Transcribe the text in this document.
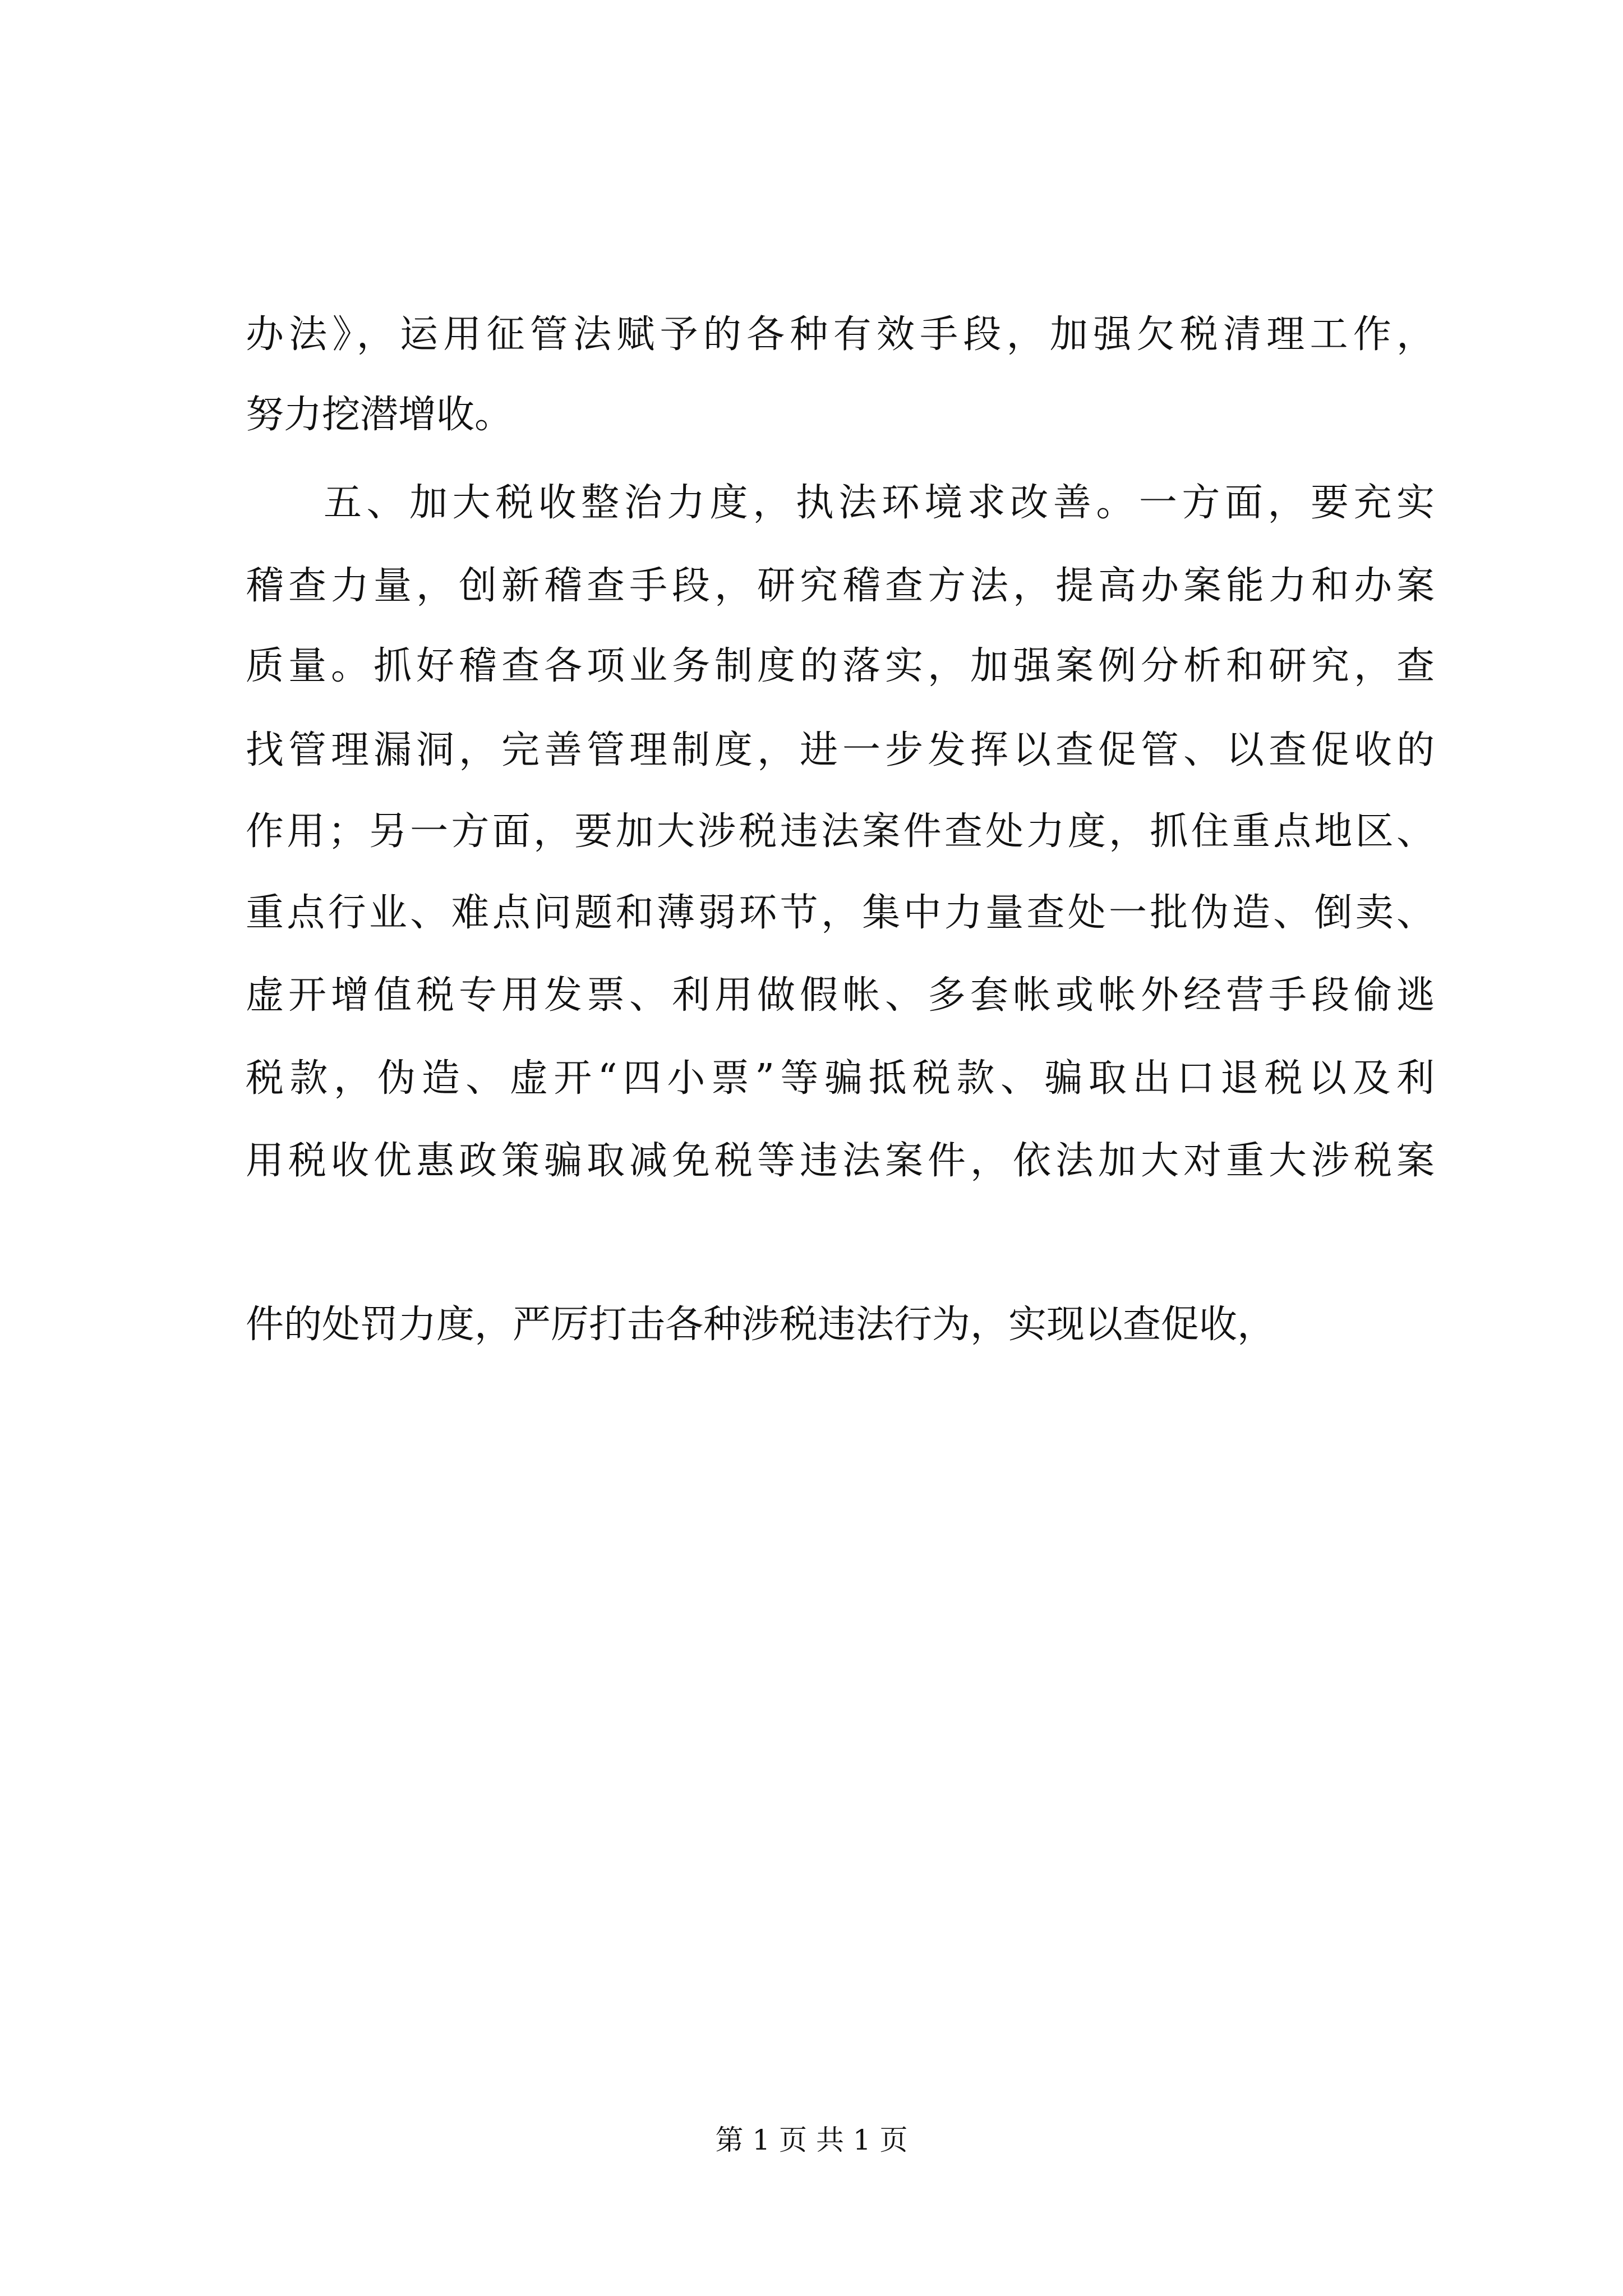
办法》，运用征管法赋予的各种有效手段，加强欠税清理工作，
努力挖潜增收。
五、加大税收整治力度，执法环境求改善。一方面，要充实
稽查力量，创新稽查手段，研究稽查方法，提高办案能力和办案
质量。抓好稽查各项业务制度的落实，加强案例分析和研究，查
找管理漏洞，完善管理制度，进一步发挥以查促管、以查促收的
作用；另一方面，要加大涉税违法案件查处力度，抓住重点地区、
重点行业、难点问题和薄弱环节，集中力量查处一批伪造、倒卖、
虚开增值税专用发票、利用做假帐、多套帐或帐外经营手段偷逃
税款，伪造、虚开“四小票”等骗抵税款、骗取出口退税以及利
用税收优惠政策骗取减免税等违法案件，依法加大对重大涉税案
件的处罚力度，严厉打击各种涉税违法行为，实现以查促收，
第 1 页 共 1 页
